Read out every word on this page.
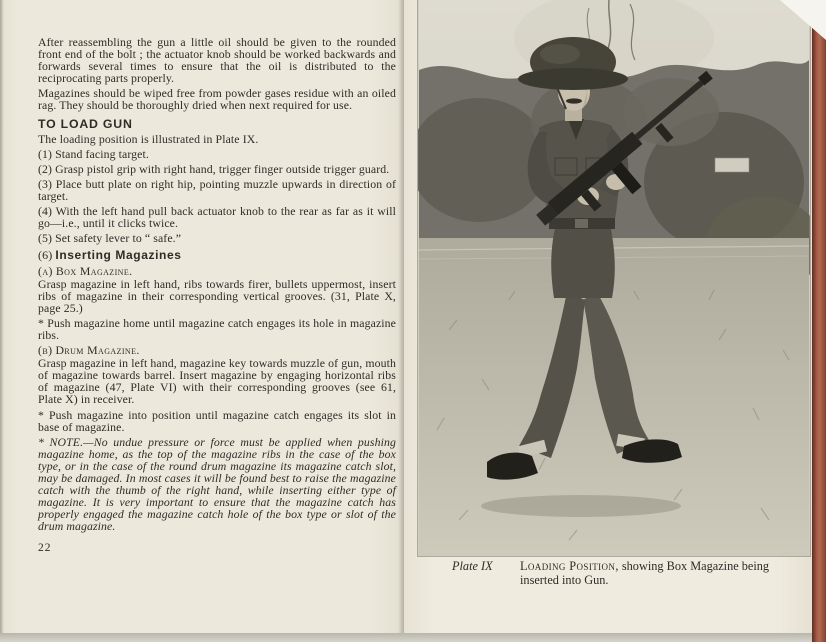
After reassembling the gun a little oil should be given to the rounded front end of the bolt ; the actuator knob should be worked backwards and forwards several times to ensure that the oil is distributed to the reciprocating parts properly.

Magazines should be wiped free from powder gases residue with an oiled rag. They should be thoroughly dried when next required for use.

TO LOAD GUN

The loading position is illustrated in Plate IX.

(1) Stand facing target.

(2) Grasp pistol grip with right hand, trigger finger outside trigger guard.

(3) Place butt plate on right hip, pointing muzzle upwards in direction of target.

(4) With the left hand pull back actuator knob to the rear as far as it will go—i.e., until it clicks twice.

(5) Set safety lever to “ safe.”

(6) Inserting Magazines

(a) Box Magazine.

Grasp magazine in left hand, ribs towards firer, bullets uppermost, insert ribs of magazine in their corresponding vertical grooves. (31, Plate X, page 25.)

* Push magazine home until magazine catch engages its hole in magazine ribs.

(b) Drum Magazine.

Grasp magazine in left hand, magazine key towards muzzle of gun, mouth of magazine towards barrel. Insert magazine by engaging horizontal ribs of magazine (47, Plate VI) with their corresponding grooves (see 61, Plate X) in receiver.

* Push magazine into position until magazine catch engages its slot in base of magazine.

* NOTE.—No undue pressure or force must be applied when pushing magazine home, as the top of the magazine ribs in the case of the box type, or in the case of the round drum magazine its magazine catch slot, may be damaged. In most cases it will be found best to raise the magazine catch with the thumb of the right hand, while inserting either type of magazine. It is very important to ensure that the magazine catch has properly engaged the magazine catch hole of the box type or slot of the drum magazine.

22
Plate IX Loading Position, showing Box Magazine being inserted into Gun.
